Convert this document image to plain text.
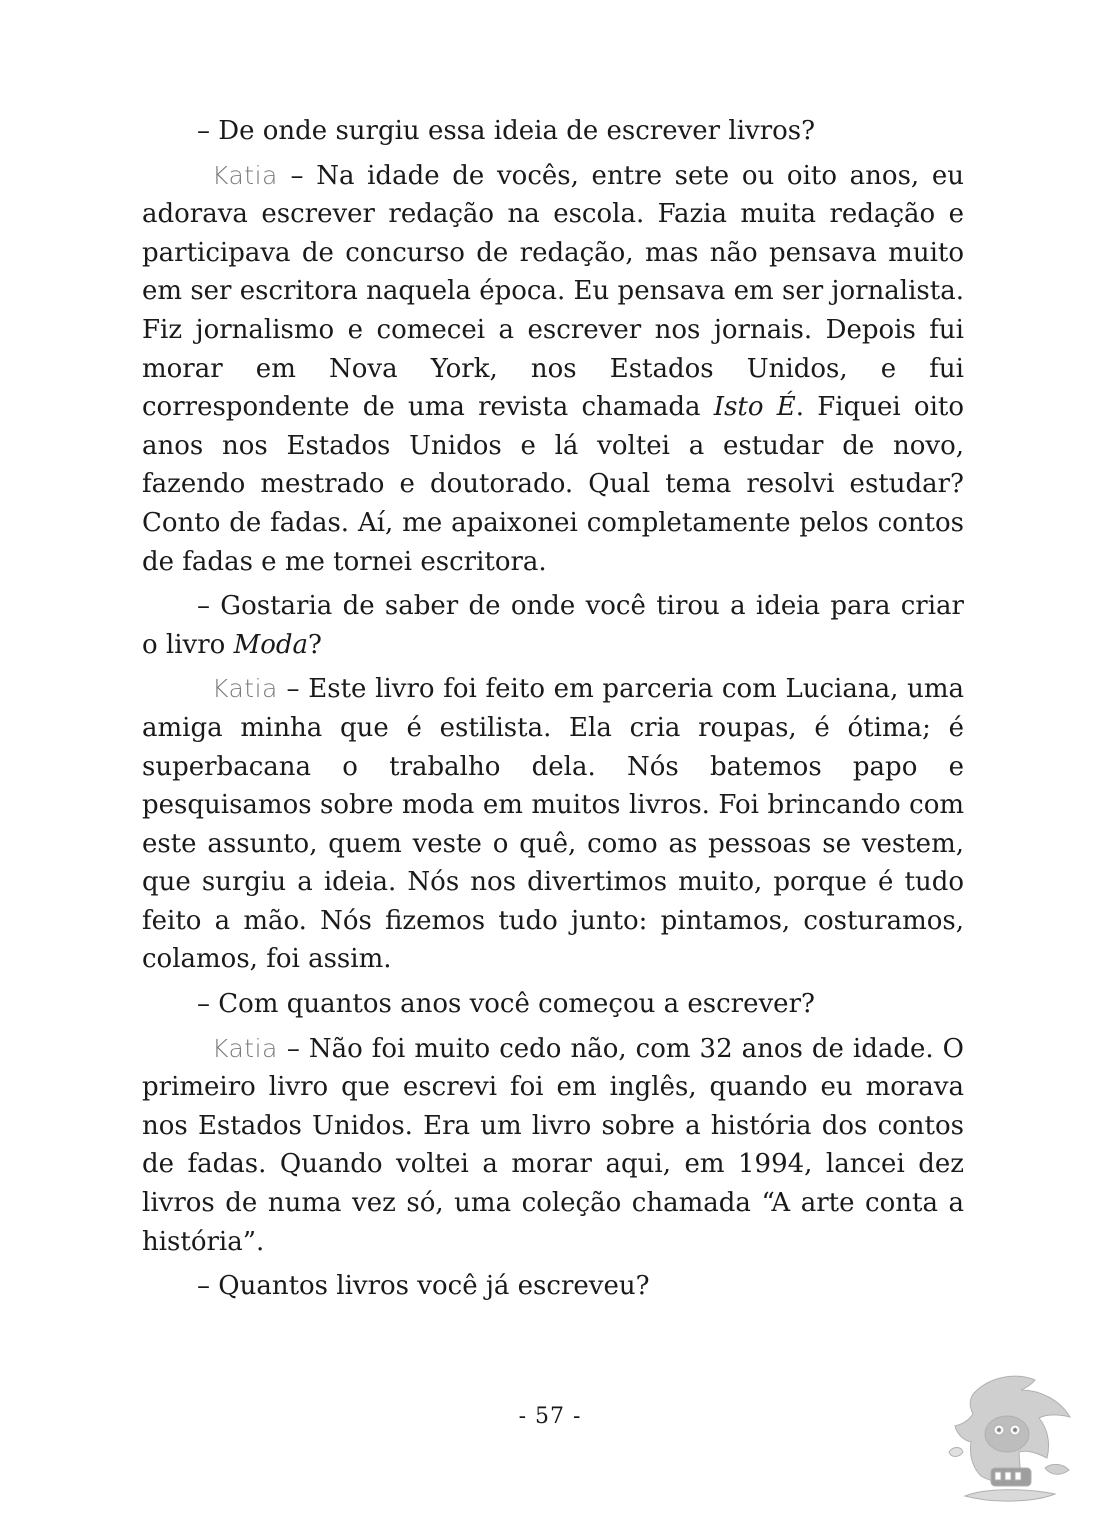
– De onde surgiu essa ideia de escrever livros?

Katia – Na idade de vocês, entre sete ou oito anos, eu adorava escrever redação na escola. Fazia muita redação e participava de concurso de redação, mas não pensava muito em ser escritora naquela época. Eu pensava em ser jornalista. Fiz jornalismo e comecei a escrever nos jornais. Depois fui morar em Nova York, nos Estados Unidos, e fui correspondente de uma revista chamada Isto É. Fiquei oito anos nos Estados Unidos e lá voltei a estudar de novo, fazendo mestrado e doutorado. Qual tema resolvi estudar? Conto de fadas. Aí, me apaixonei completamente pelos contos de fadas e me tornei escritora.

– Gostaria de saber de onde você tirou a ideia para criar o livro Moda?

Katia – Este livro foi feito em parceria com Luciana, uma amiga minha que é estilista. Ela cria roupas, é ótima; é superbacana o trabalho dela. Nós batemos papo e pesquisamos sobre moda em muitos livros. Foi brincando com este assunto, quem veste o quê, como as pessoas se vestem, que surgiu a ideia. Nós nos divertimos muito, porque é tudo feito a mão. Nós fizemos tudo junto: pintamos, costuramos, colamos, foi assim.

– Com quantos anos você começou a escrever?

Katia – Não foi muito cedo não, com 32 anos de idade. O primeiro livro que escrevi foi em inglês, quando eu morava nos Estados Unidos. Era um livro sobre a história dos contos de fadas. Quando voltei a morar aqui, em 1994, lancei dez livros de numa vez só, uma coleção chamada “A arte conta a história”.

– Quantos livros você já escreveu?

- 57 -
